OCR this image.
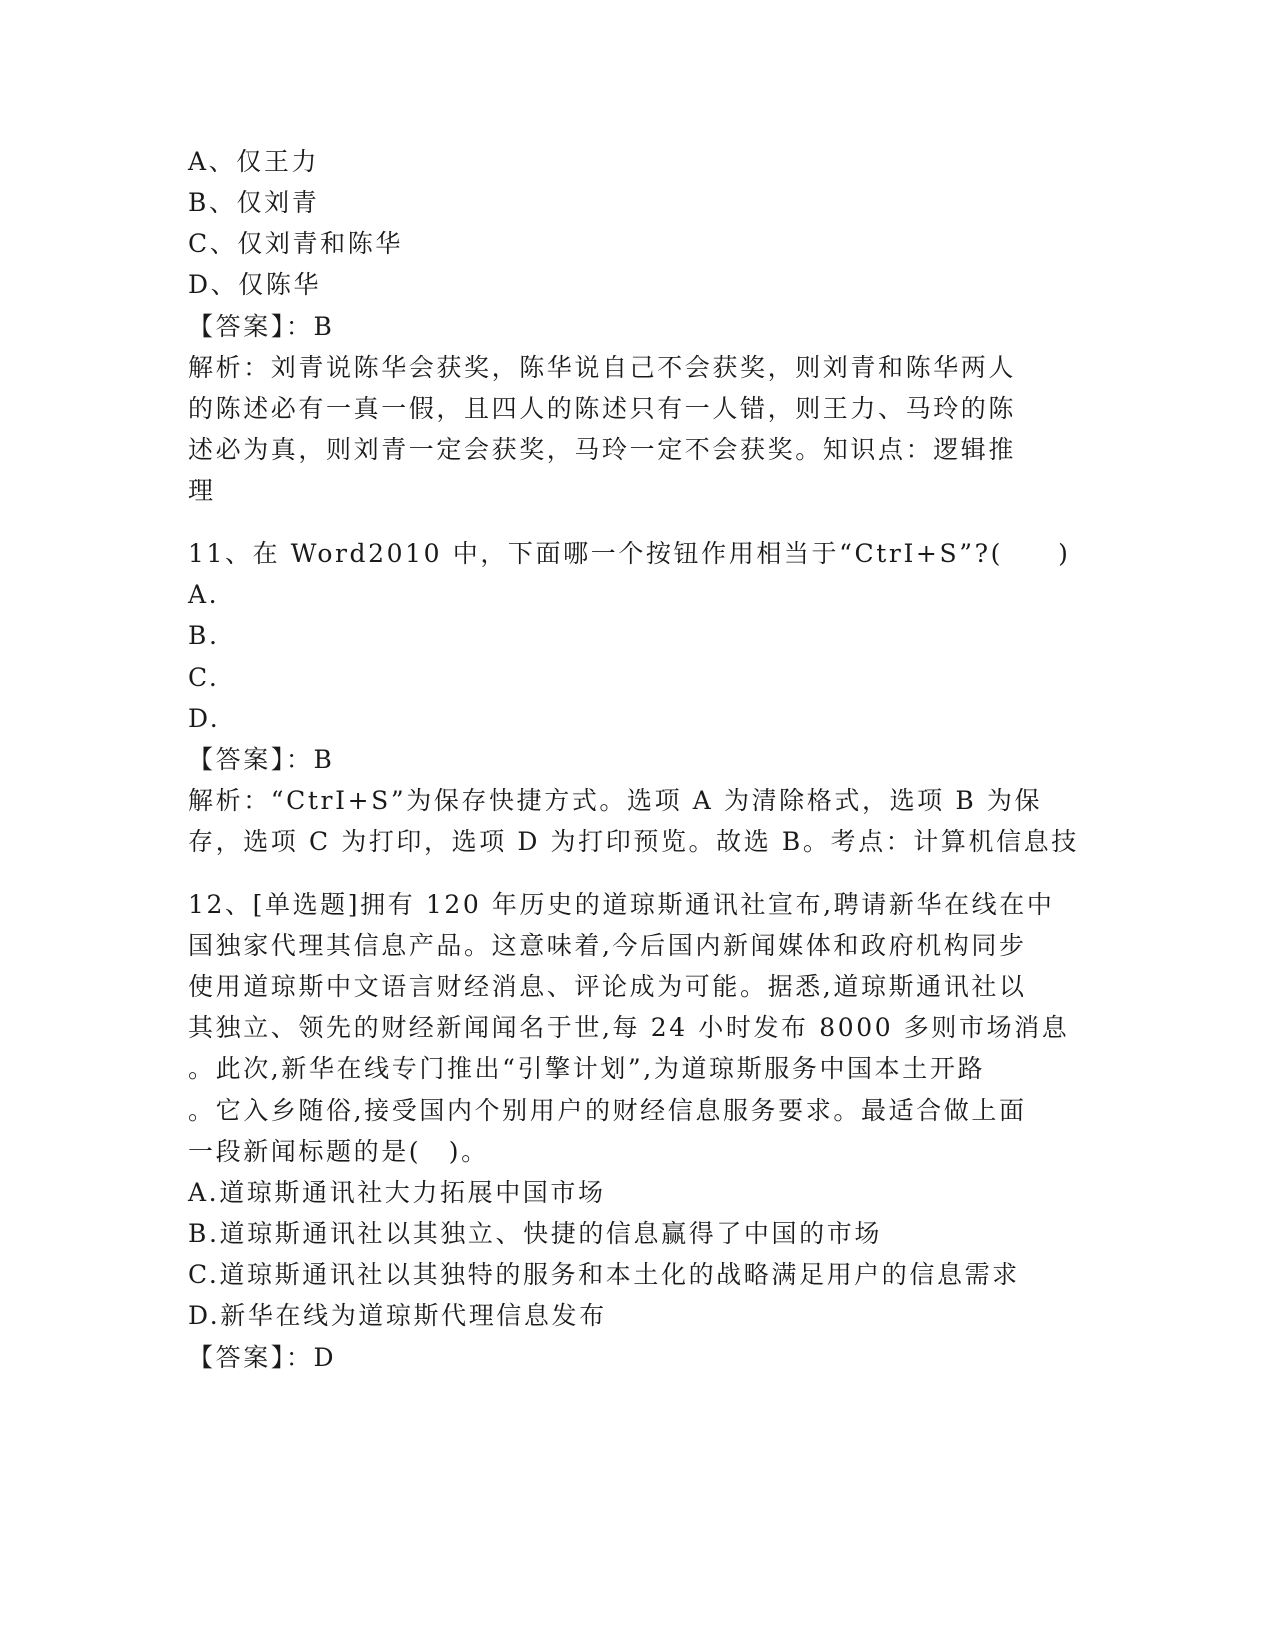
A、仅王力
B、仅刘青
C、仅刘青和陈华
D、仅陈华
【答案】：B
解析：刘青说陈华会获奖，陈华说自己不会获奖，则刘青和陈华两人
的陈述必有一真一假，且四人的陈述只有一人错，则王力、马玲的陈
述必为真，则刘青一定会获奖，马玲一定不会获奖。知识点：逻辑推
理
11、在 Word2010 中，下面哪一个按钮作用相当于“CtrI+S”?(　　)
A.
B.
C.
D.
【答案】：B
解析：“CtrI+S”为保存快捷方式。选项 A 为清除格式，选项 B 为保
存，选项 C 为打印，选项 D 为打印预览。故选 B。考点：计算机信息技
12、[单选题]拥有 120 年历史的道琼斯通讯社宣布,聘请新华在线在中
国独家代理其信息产品。这意味着,今后国内新闻媒体和政府机构同步
使用道琼斯中文语言财经消息、评论成为可能。据悉,道琼斯通讯社以
其独立、领先的财经新闻闻名于世,每 24 小时发布 8000 多则市场消息
。此次,新华在线专门推出“引擎计划”,为道琼斯服务中国本土开路
。它入乡随俗,接受国内个别用户的财经信息服务要求。最适合做上面
一段新闻标题的是(　)。
A.道琼斯通讯社大力拓展中国市场
B.道琼斯通讯社以其独立、快捷的信息赢得了中国的市场
C.道琼斯通讯社以其独特的服务和本土化的战略满足用户的信息需求
D.新华在线为道琼斯代理信息发布
【答案】：D
